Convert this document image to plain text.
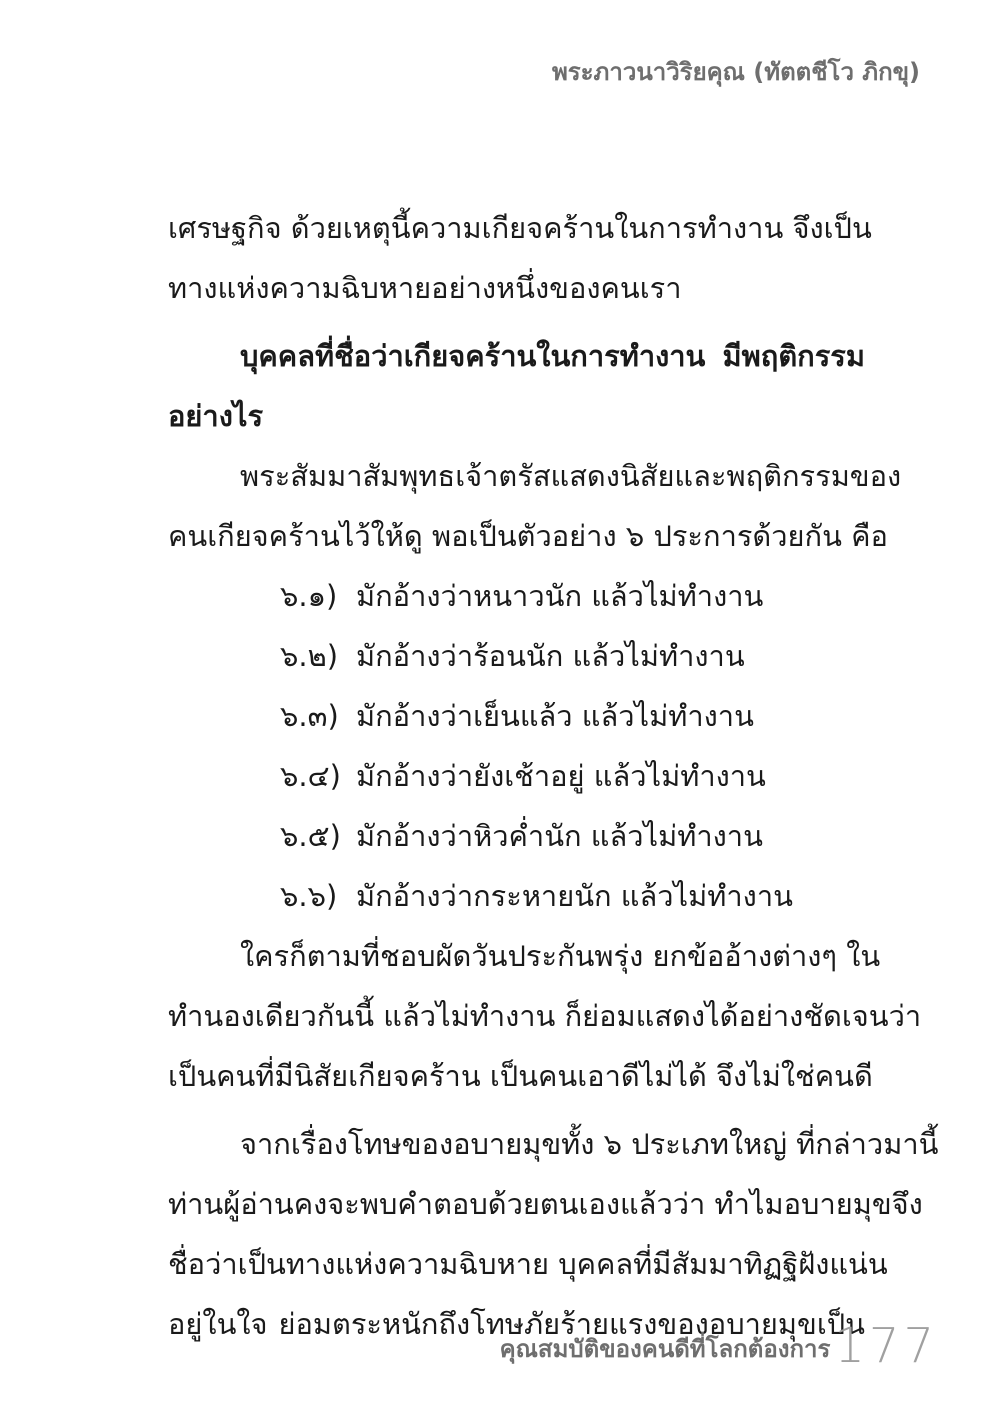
พระภาวนาวิริยคุณ (ทัตตชีโว ภิกขุ)
เศรษฐกิจ ด้วยเหตุนี้ความเกียจคร้านในการทำงาน จึงเป็น
ทางแห่งความฉิบหายอย่างหนึ่งของคนเรา
บุคคลที่ชื่อว่าเกียจคร้านในการทำงาน มีพฤติกรรม
อย่างไร
พระสัมมาสัมพุทธเจ้าตรัสแสดงนิสัยและพฤติกรรมของ
คนเกียจคร้านไว้ให้ดู พอเป็นตัวอย่าง ๖ ประการด้วยกัน คือ
๖.๑) มักอ้างว่าหนาวนัก แล้วไม่ทำงาน
๖.๒) มักอ้างว่าร้อนนัก แล้วไม่ทำงาน
๖.๓) มักอ้างว่าเย็นแล้ว แล้วไม่ทำงาน
๖.๔) มักอ้างว่ายังเช้าอยู่ แล้วไม่ทำงาน
๖.๕) มักอ้างว่าหิวค่ำนัก แล้วไม่ทำงาน
๖.๖) มักอ้างว่ากระหายนัก แล้วไม่ทำงาน
ใครก็ตามที่ชอบผัดวันประกันพรุ่ง ยกข้ออ้างต่างๆ ใน
ทำนองเดียวกันนี้ แล้วไม่ทำงาน ก็ย่อมแสดงได้อย่างชัดเจนว่า
เป็นคนที่มีนิสัยเกียจคร้าน เป็นคนเอาดีไม่ได้ จึงไม่ใช่คนดี
จากเรื่องโทษของอบายมุขทั้ง ๖ ประเภทใหญ่ ที่กล่าวมานี้
ท่านผู้อ่านคงจะพบคำตอบด้วยตนเองแล้วว่า ทำไมอบายมุขจึง
ชื่อว่าเป็นทางแห่งความฉิบหาย บุคคลที่มีสัมมาทิฏฐิฝังแน่น
อยู่ในใจ ย่อมตระหนักถึงโทษภัยร้ายแรงของอบายมุขเป็น
คุณสมบัติของคนดีที่โลกต้องการ 177
